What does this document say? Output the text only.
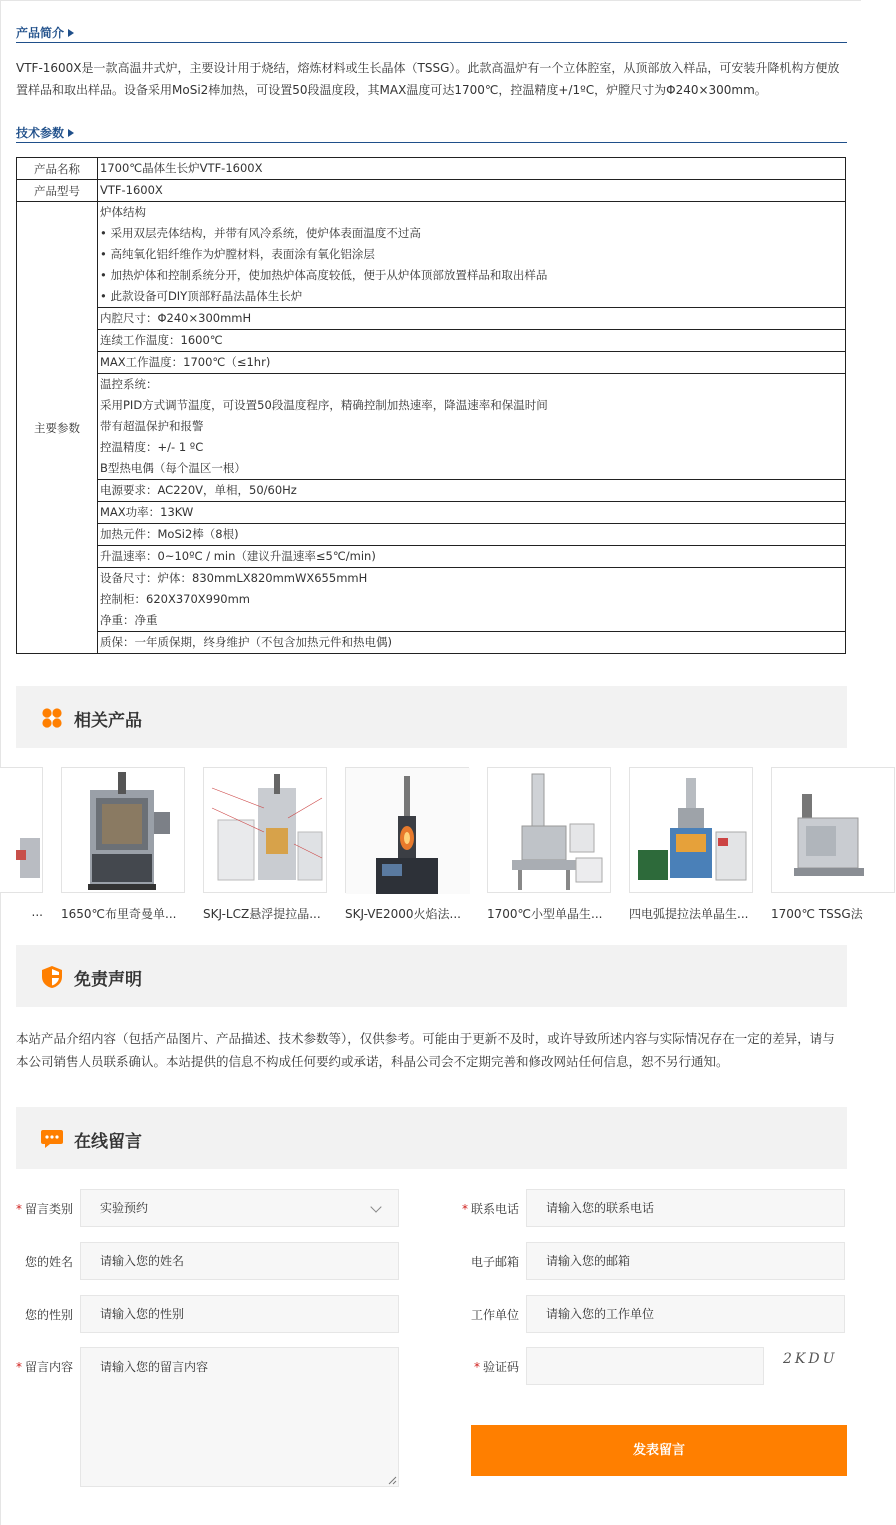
产品简介
VTF-1600X是一款高温井式炉，主要设计用于烧结，熔炼材料或生长晶体（TSSG）。此款高温炉有一个立体腔室，从顶部放入样品，可安装升降机构方便放置样品和取出样品。设备采用MoSi2棒加热，可设置50段温度段，其MAX温度可达1700℃，控温精度+/1ºC，炉膛尺寸为Φ240×300mm。
技术参数
产品名称	1700℃晶体生长炉VTF-1600X
产品型号	VTF-1600X
主要参数	炉体结构
• 采用双层壳体结构，并带有风冷系统，使炉体表面温度不过高
• 高纯氧化铝纤维作为炉膛材料，表面涂有氧化铝涂层
• 加热炉体和控制系统分开，使加热炉体高度较低，便于从炉体顶部放置样品和取出样品
• 此款设备可DIY顶部籽晶法晶体生长炉

	内腔尺寸：Φ240×300mmH

	连续工作温度：1600℃

	MAX工作温度：1700℃（≤1hr)

	温控系统：
采用PID方式调节温度，可设置50段温度程序，精确控制加热速率，降温速率和保温时间
带有超温保护和报警
控温精度：+/- 1 ºC
B型热电偶（每个温区一根）

	电源要求：AC220V，单相，50/60Hz

	MAX功率：13KW

	加热元件：MoSi2棒（8根)

	升温速率：0~10ºC / min（建议升温速率≤5℃/min)

	设备尺寸：炉体：830mmLX820mmWX655mmH
控制柜：620X370X990mm
净重：净重

	质保：一年质保期，终身维护（不包含加热元件和热电偶)
相关产品
... 1650℃布里奇曼单...	SKJ-LCZ悬浮提拉晶...	SKJ-VE2000火焰法...	1700℃小型单晶生...	四电弧提拉法单晶生...	1700℃ TSSG法
免责声明
本站产品介绍内容（包括产品图片、产品描述、技术参数等），仅供参考。可能由于更新不及时，或许导致所述内容与实际情况存在一定的差异，请与本公司销售人员联系确认。本站提供的信息不构成任何要约或承诺，科晶公司会不定期完善和修改网站任何信息，恕不另行通知。
在线留言
* 留言类别	实验预约
您的姓名	请输入您的姓名
您的性别	请输入您的性别
* 留言内容	请输入您的留言内容
* 联系电话	请输入您的联系电话
电子邮箱	请输入您的邮箱
工作单位	请输入您的工作单位
* 验证码	2KDU
发表留言
